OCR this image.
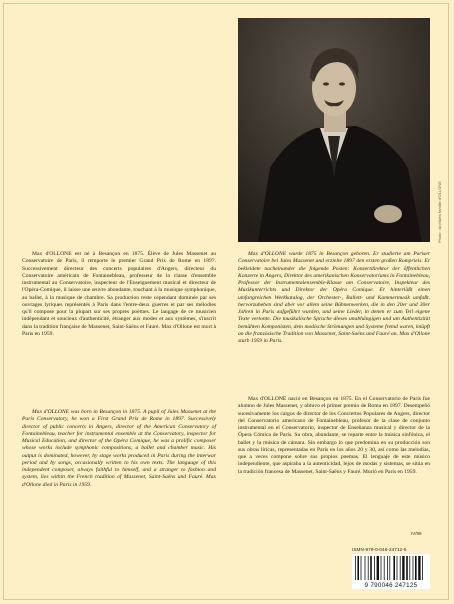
Photo : Archives famille d'OLLONE

Max d'OLLONE est né à Besançon en 1875. Élève de Jules Massenet au Conservatoire de Paris, il remporte le premier Grand Prix de Rome en 1897. Successivement directeur des concerts populaires d'Angers, directeur du Conservatoire américain de Fontainebleau, professeur de la classe d'ensemble instrumental au Conservatoire, inspecteur de l'Enseignement musical et directeur de l'Opéra-Comique, il laisse une œuvre abondante, touchant à la musique symphonique, au ballet, à la musique de chambre. Sa production reste cependant dominée par ses ouvrages lyriques représentés à Paris dans l'entre-deux guerres et par ses mélodies qu'il compose pour la plupart sur ses propres poèmes. Le langage de ce musicien indépendant et soucieux d'authenticité, étranger aux modes et aux systèmes, s'inscrit dans la tradition française de Massenet, Saint-Saëns et Fauré. Max d'Ollone est mort à Paris en 1959.

Max d'OLLONE was born in Besançon in 1875. A pupil of Jules Massenet at the Paris Conservatory, he won a First Grand Prix de Rome in 1897. Successively director of public concerts in Angers, director of the American Conservatory of Fontainebleau, teacher for instrumental ensemble at the Conservatory, inspector for Musical Education, and director of the Opéra Comique, he was a prolific composer whose works include symphonic compositions, a ballet and chamber music. His output is dominated, however, by stage works produced in Paris during the interwar period and by songs, occasionally written to his own texts. The language of this independent composer, always faithful to himself, and a stranger to fashion and system, lies within the French tradition of Massenet, Saint-Saëns and Fauré. Max d'Ollone died in Paris in 1959.

Max d'OLLONE wurde 1875 in Besançon geboren. Er studierte am Pariser Conservatoire bei Jules Massenet und erzielte 1897 den ersten großen Romprieis. Er bekleidete nacheinander die folgende Posten: Konzertdirektor der öffentlichen Konzerte in Angers, Direktor des amerikanischen Konservatoriums in Fontainebleau, Professor der Instrumentalensemble-Klasse am Conservatoire, Inspekteur des Musikunterrichts und Direktor der Opéra Comique. Er hinterläßt einen umfangreichen Werkkatalog, der Orchester-, Ballett- und Kammermusik umfaßt. hervorzuheben sind aber vor allem seine Bühnenwerken, die in den 20er und 30er Jahren in Paris aufgeführt wurden, und seine Lieder, in denen er zum Teil eigene Texte vertonte. Die musikalische Sprache dieses unabhängigen und um Authentizität bemühten Komponisten, dem modische Strömungen und Systeme fremd waren, knüpft an die französische Tradition von Massenet, Saint-Saëns und Fauré an. Max d'Ollone starb 1959 in Paris.

Max d'OLLONE nació en Besançon en 1875. En el Conservatorio de París fue alumno de Jules Massenet, y obtuvo el primer premio de Roma en 1897. Desempeñó sucesivamente los cargos de director de los Conciertos Populares de Angers, director del Conservatorio americano de Fontainebleau, profesor de la clase de conjunto instrumental en el Conservatorio, inspector de Enseñanza musical y director de la Ópera Cómica de París. Su obra, abundante, se reparte entre la música sinfónica, el ballet y la música de cámara. Sin embargo lo que predomina en su producción son sus obras líricas, representadas en París en los años 20 y 30, así como las melodías, que a veces compone sobre sus propios poemas. El lenguaje de este músico independiente, que aspiraba a la autenticidad, lejos de modas y sistemas, se sitúa en la tradición francesa de Massenet, Saint-Saëns y Fauré. Murió en París en 1959.

IV/99
ISMN-979-0-046-24712-5
9 790046 247125
